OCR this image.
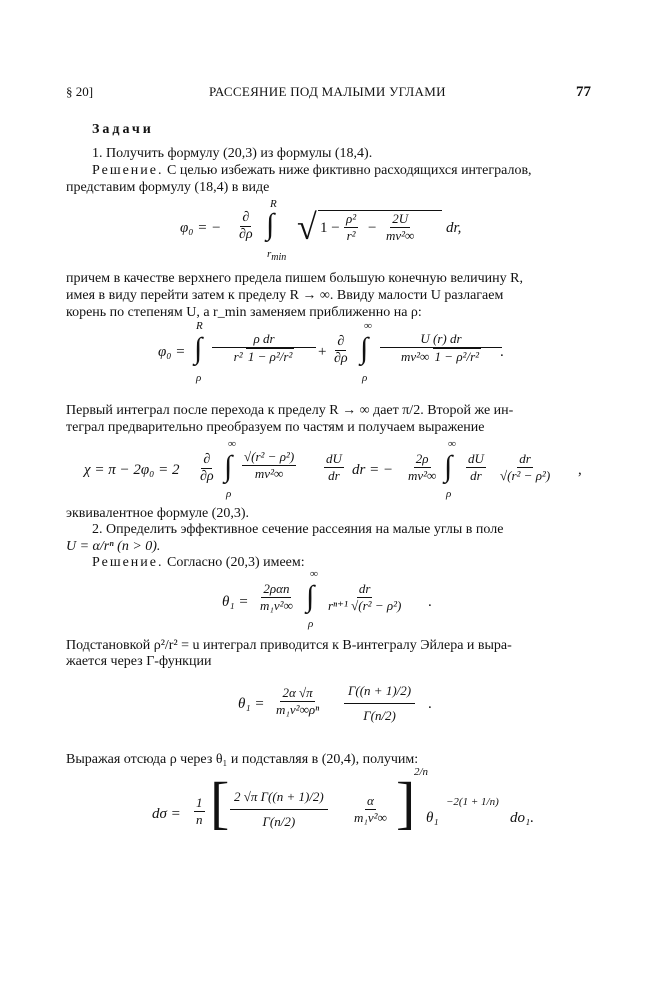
§ 20]	РАССЕЯНИЕ ПОД МАЛЫМИ УГЛАМИ	77
Задачи
1. Получить формулу (20,3) из формулы (18,4).
Решение. С целью избежать ниже фиктивно расходящихся интегралов,
представим формулу (18,4) в виде
φ₀ = −
∂
∂ρ
R
∫
$r_{min}$
√ $1 - \frac{\text{ρ²}}{\text{r²}} - \frac{2U}{\text{mv²∞}}$ dr,
причем в качестве верхнего предела пишем большую конечную величину R,
имея в виду перейти затем к пределу R → ∞. Ввиду малости U разлагаем
корень по степеням U, а r_min заменяем приближенно на ρ:
φ₀ =
R
∫
ρ
$\frac{\text{ρ dr}}{\text{r² 1 − ρ²/r²}}$ +
∂
∂ρ
∞
∫
ρ
$\frac{U (r) dr}{\text{mv²∞ 1 − ρ²/r²}}$
.
Первый интеграл после перехода к пределу R → ∞ дает π/2. Второй же ин-
теграл предварительно преобразуем по частям и получаем выражение
χ = π − 2φ₀ = 2
∂
∂ρ
∞
∫
ρ
$\frac{\text{√(r² − ρ²)}}{\text{mv²∞}} \frac{dU}{dr}$ dr = − $\frac{2\rho}{\text{mv²∞}}$
∞
∫
ρ
$\frac{dU}{dr} \frac{dr}{\text{√(r² − ρ²)}}$ ,
эквивалентное формуле (20,3).
2. Определить эффективное сечение рассеяния на малые углы в поле
U = α/rⁿ (n > 0).
Решение. Согласно (20,3) имеем:
θ₁ =
2ραn
m₁v²∞
∞
∫
ρ
$\frac{dr}{\text{rⁿ⁺¹ √(r² − ρ²)}}$ .
Подстановкой ρ²/r² = u интеграл приводится к B-интегралу Эйлера и выра-
жается через Γ-функции
$\theta_1 = \frac{2\alpha √\pi}{\text{m₁v²∞ρⁿ}} \frac{\Gamma((n + 1)/2)}{\Gamma(n/2)}$ .
Выражая отсюда ρ через θ₁ и подставляя в (20,4), получим:
$d\sigma = \frac{1}{n}$ [ $\frac{\text{2 √π Γ((n + 1)/2)}}{\Gamma(n/2)} \frac{\alpha}{\text{m₁v²∞}}$ ]
2/n
θ₁
−2(1 + 1/n)
do₁.
